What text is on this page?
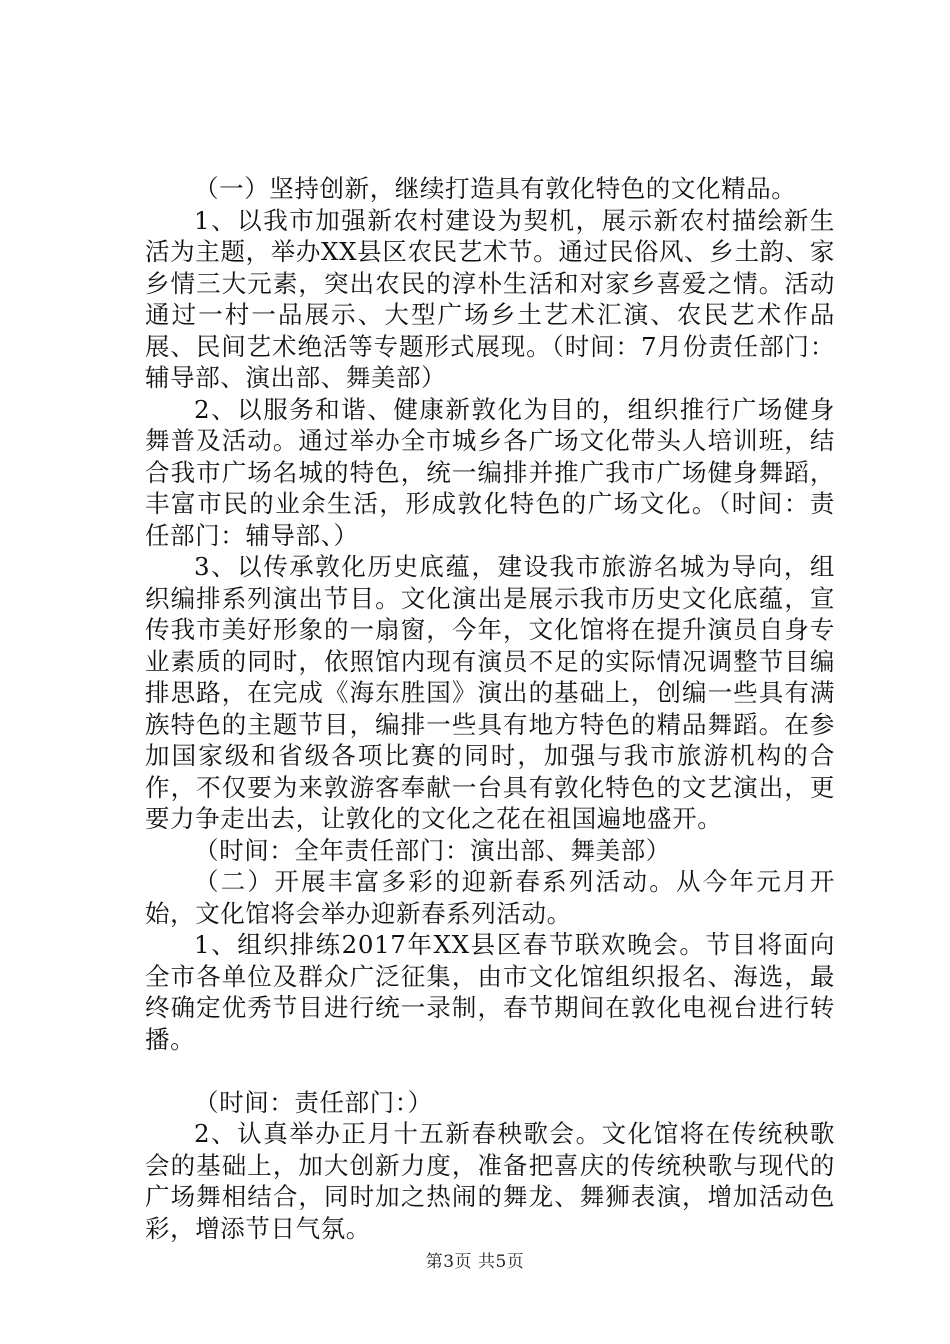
（一）坚持创新，继续打造具有敦化特色的文化精品。

1、以我市加强新农村建设为契机，展示新农村描绘新生活为主题，举办XX县区农民艺术节。通过民俗风、乡土韵、家乡情三大元素，突出农民的淳朴生活和对家乡喜爱之情。活动通过一村一品展示、大型广场乡土艺术汇演、农民艺术作品展、民间艺术绝活等专题形式展现。（时间：7月份责任部门：辅导部、演出部、舞美部）

2、以服务和谐、健康新敦化为目的，组织推行广场健身舞普及活动。通过举办全市城乡各广场文化带头人培训班，结合我市广场名城的特色，统一编排并推广我市广场健身舞蹈，丰富市民的业余生活，形成敦化特色的广场文化。（时间：责任部门：辅导部、）

3、以传承敦化历史底蕴，建设我市旅游名城为导向，组织编排系列演出节目。文化演出是展示我市历史文化底蕴，宣传我市美好形象的一扇窗，今年，文化馆将在提升演员自身专业素质的同时，依照馆内现有演员不足的实际情况调整节目编排思路，在完成《海东胜国》演出的基础上，创编一些具有满族特色的主题节目，编排一些具有地方特色的精品舞蹈。在参加国家级和省级各项比赛的同时，加强与我市旅游机构的合作，不仅要为来敦游客奉献一台具有敦化特色的文艺演出，更要力争走出去，让敦化的文化之花在祖国遍地盛开。

（时间：全年责任部门：演出部、舞美部）

（二）开展丰富多彩的迎新春系列活动。从今年元月开始，文化馆将会举办迎新春系列活动。

1、组织排练2017年XX县区春节联欢晚会。节目将面向全市各单位及群众广泛征集，由市文化馆组织报名、海选，最终确定优秀节目进行统一录制，春节期间在敦化电视台进行转播。

（时间：责任部门：）

2、认真举办正月十五新春秧歌会。文化馆将在传统秧歌会的基础上，加大创新力度，准备把喜庆的传统秧歌与现代的广场舞相结合，同时加之热闹的舞龙、舞狮表演，增加活动色彩，增添节日气氛。

第3页 共5页
